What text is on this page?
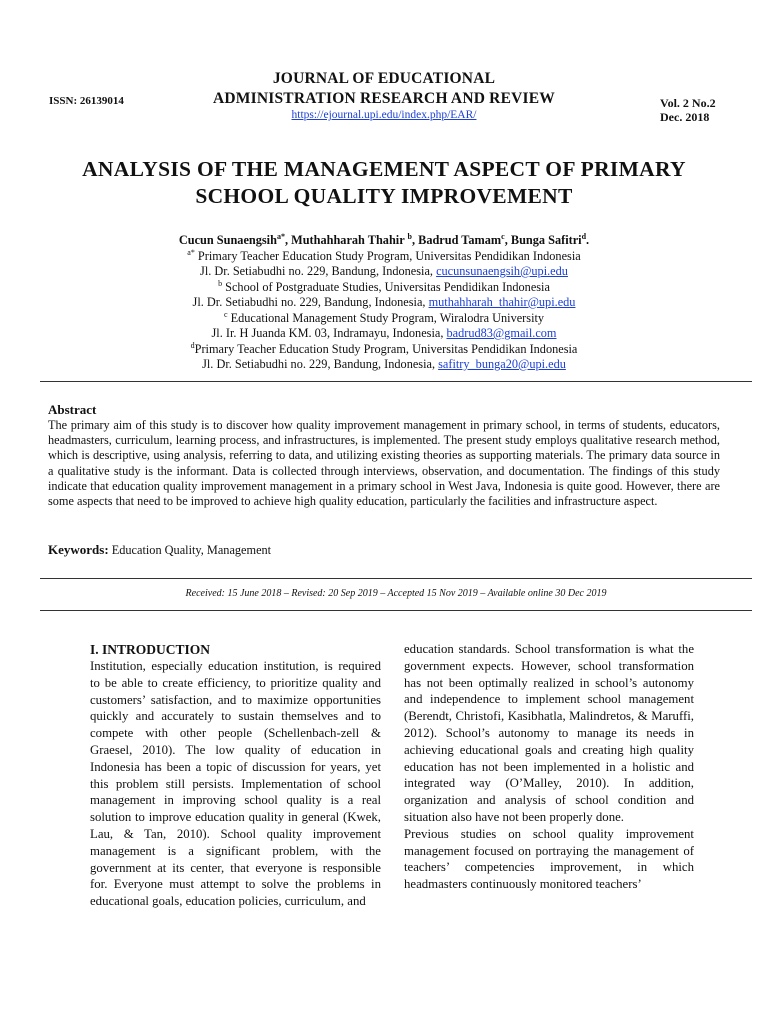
ISSN: 26139014
JOURNAL OF EDUCATIONAL
ADMINISTRATION RESEARCH AND REVIEW
https://ejournal.upi.edu/index.php/EAR/
Vol. 2 No.2
Dec. 2018
ANALYSIS OF THE MANAGEMENT ASPECT OF PRIMARY
SCHOOL QUALITY IMPROVEMENT
Cucun Sunaengsih$^{a*}$, Muthahharah Thahir $^b$, Badrud Tamam$^c$, Bunga Safitri$^d$.
$^{a*}$ Primary Teacher Education Study Program, Universitas Pendidikan Indonesia
Jl. Dr. Setiabudhi no. 229, Bandung, Indonesia, cucunsunaengsih@upi.edu
$^b$ School of Postgraduate Studies, Universitas Pendidikan Indonesia
Jl. Dr. Setiabudhi no. 229, Bandung, Indonesia, muthahharah_thahir@upi.edu
$^c$ Educational Management Study Program, Wiralodra University
Jl. Ir. H Juanda KM. 03, Indramayu, Indonesia, badrud83@gmail.com
$^d$Primary Teacher Education Study Program, Universitas Pendidikan Indonesia
Jl. Dr. Setiabudhi no. 229, Bandung, Indonesia, safitry_bunga20@upi.edu
Abstract
The primary aim of this study is to discover how quality improvement management in primary school, in terms of students, educators, headmasters, curriculum, learning process, and infrastructures, is implemented. The present study employs qualitative research method, which is descriptive, using analysis, referring to data, and utilizing existing theories as supporting materials. The primary data source in a qualitative study is the informant. Data is collected through interviews, observation, and documentation. The findings of this study indicate that education quality improvement management in a primary school in West Java, Indonesia is quite good. However, there are some aspects that need to be improved to achieve high quality education, particularly the facilities and infrastructure aspect.
Keywords: Education Quality, Management
Received: 15 June 2018 – Revised: 20 Sep 2019 – Accepted 15 Nov 2019 – Available online 30 Dec 2019
I. INTRODUCTION
Institution, especially education institution, is required to be able to create efficiency, to prioritize quality and customers’ satisfaction, and to maximize opportunities quickly and accurately to sustain themselves and to compete with other people (Schellenbach-zell & Graesel, 2010). The low quality of education in Indonesia has been a topic of discussion for years, yet this problem still persists. Implementation of school management in improving school quality is a real solution to improve education quality in general (Kwek, Lau, & Tan, 2010). School quality improvement management is a significant problem, with the government at its center, that everyone is responsible for. Everyone must attempt to solve the problems in educational goals, education policies, curriculum, and
education standards. School transformation is what the government expects. However, school transformation has not been optimally realized in school’s autonomy and independence to implement school management (Berendt, Christofi, Kasibhatla, Malindretos, & Maruffi, 2012). School’s autonomy to manage its needs in achieving educational goals and creating high quality education has not been implemented in a holistic and integrated way (O’Malley, 2010). In addition, organization and analysis of school condition and situation also have not been properly done.
Previous studies on school quality improvement management focused on portraying the management of teachers’ competencies improvement, in which headmasters continuously monitored teachers’
